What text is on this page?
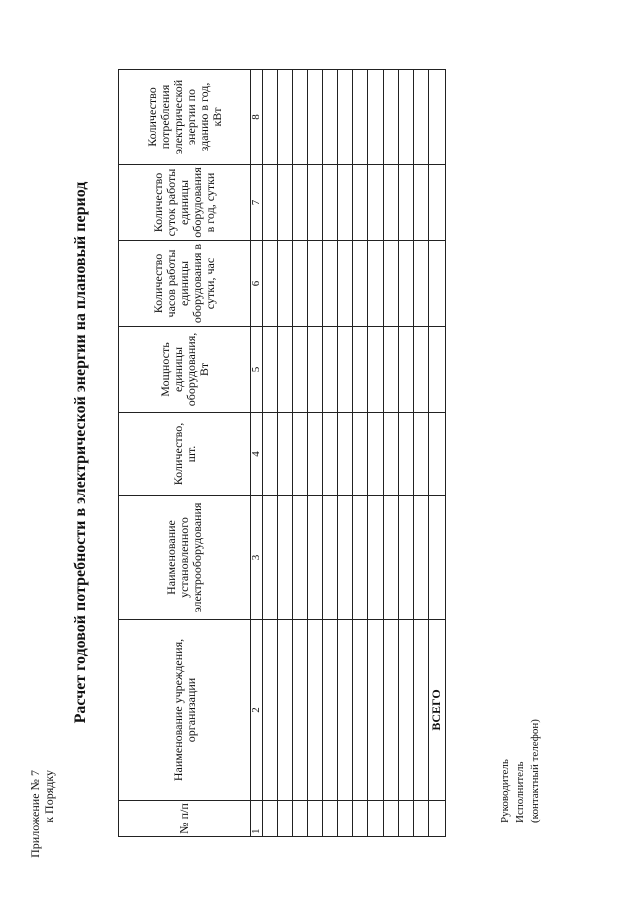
Приложение № 7 к Порядку
Расчет годовой потребности в электрической энергии на плановый период
№ п/п	Наименование учреждения, организации	Наименование установленного электрооборудования	Количество, шт.	Мощность единицы оборудования, Вт	Количество часов работы единицы оборудования в сутки, час	Количество суток работы единицы оборудования в год, сутки	Количество потребления электрической энергии по зданию в год, кВт
1	2	3	4	5	6	7	8

	ВСЕГО						
Руководитель Исполнитель (контактный телефон)
